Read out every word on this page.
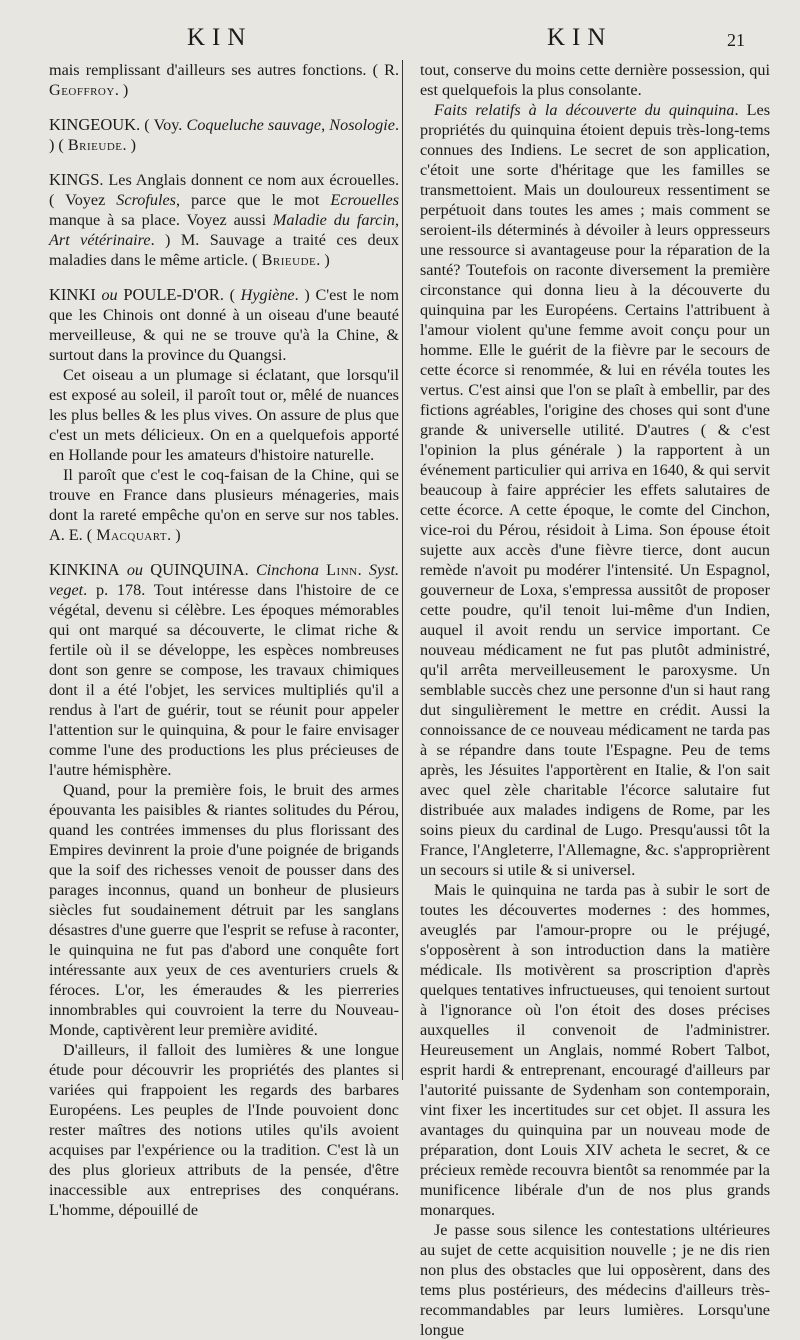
KIN	KIN	21

mais remplissant d'ailleurs ses autres fonctions. ( R. Geoffroy. )

KINGEOUK. ( Voy. Coqueluche sauvage, Nosologie. ) ( Brieude. )

KINGS. Les Anglais donnent ce nom aux écrouelles. ( Voyez Scrofules, parce que le mot Ecrouelles manque à sa place. Voyez aussi Maladie du farcin, Art vétérinaire. ) M. Sauvage a traité ces deux maladies dans le même article. ( Brieude. )

KINKI ou POULE-D'OR. ( Hygiène. ) C'est le nom que les Chinois ont donné à un oiseau d'une beauté merveilleuse, & qui ne se trouve qu'à la Chine, & surtout dans la province du Quangsi.

Cet oiseau a un plumage si éclatant, que lorsqu'il est exposé au soleil, il paroît tout or, mêlé de nuances les plus belles & les plus vives. On assure de plus que c'est un mets délicieux. On en a quelquefois apporté en Hollande pour les amateurs d'histoire naturelle.

Il paroît que c'est le coq-faisan de la Chine, qui se trouve en France dans plusieurs ménageries, mais dont la rareté empêche qu'on en serve sur nos tables. A. E. ( Macquart. )

KINKINA ou QUINQUINA. Cinchona Linn. Syst. veget. p. 178. Tout intéresse dans l'histoire de ce végétal, devenu si célèbre. Les époques mémorables qui ont marqué sa découverte, le climat riche & fertile où il se développe, les espèces nombreuses dont son genre se compose, les travaux chimiques dont il a été l'objet, les services multipliés qu'il a rendus à l'art de guérir, tout se réunit pour appeler l'attention sur le quinquina, & pour le faire envisager comme l'une des productions les plus précieuses de l'autre hémisphère.

Quand, pour la première fois, le bruit des armes épouvanta les paisibles & riantes solitudes du Pérou, quand les contrées immenses du plus florissant des Empires devinrent la proie d'une poignée de brigands que la soif des richesses venoit de pousser dans des parages inconnus, quand un bonheur de plusieurs siècles fut soudainement détruit par les sanglans désastres d'une guerre que l'esprit se refuse à raconter, le quinquina ne fut pas d'abord une conquête fort intéressante aux yeux de ces aventuriers cruels & féroces. L'or, les émeraudes & les pierreries innombrables qui couvroient la terre du Nouveau-Monde, captivèrent leur première avidité.

D'ailleurs, il falloit des lumières & une longue étude pour découvrir les propriétés des plantes si variées qui frappoient les regards des barbares Européens. Les peuples de l'Inde pouvoient donc rester maîtres des notions utiles qu'ils avoient acquises par l'expérience ou la tradition. C'est là un des plus glorieux attributs de la pensée, d'être inaccessible aux entreprises des conquérans. L'homme, dépouillé de

tout, conserve du moins cette dernière possession, qui est quelquefois la plus consolante.

Faits relatifs à la découverte du quinquina. Les propriétés du quinquina étoient depuis très-long-tems connues des Indiens. Le secret de son application, c'étoit une sorte d'héritage que les familles se transmettoient. Mais un douloureux ressentiment se perpétuoit dans toutes les ames ; mais comment se seroient-ils déterminés à dévoiler à leurs oppresseurs une ressource si avantageuse pour la réparation de la santé? Toutefois on raconte diversement la première circonstance qui donna lieu à la découverte du quinquina par les Européens. Certains l'attribuent à l'amour violent qu'une femme avoit conçu pour un homme. Elle le guérit de la fièvre par le secours de cette écorce si renommée, & lui en révéla toutes les vertus. C'est ainsi que l'on se plaît à embellir, par des fictions agréables, l'origine des choses qui sont d'une grande & universelle utilité. D'autres ( & c'est l'opinion la plus générale ) la rapportent à un événement particulier qui arriva en 1640, & qui servit beaucoup à faire apprécier les effets salutaires de cette écorce. A cette époque, le comte del Cinchon, vice-roi du Pérou, résidoit à Lima. Son épouse étoit sujette aux accès d'une fièvre tierce, dont aucun remède n'avoit pu modérer l'intensité. Un Espagnol, gouverneur de Loxa, s'empressa aussitôt de proposer cette poudre, qu'il tenoit lui-même d'un Indien, auquel il avoit rendu un service important. Ce nouveau médicament ne fut pas plutôt administré, qu'il arrêta merveilleusement le paroxysme. Un semblable succès chez une personne d'un si haut rang dut singulièrement le mettre en crédit. Aussi la connoissance de ce nouveau médicament ne tarda pas à se répandre dans toute l'Espagne. Peu de tems après, les Jésuites l'apportèrent en Italie, & l'on sait avec quel zèle charitable l'écorce salutaire fut distribuée aux malades indigens de Rome, par les soins pieux du cardinal de Lugo. Presqu'aussi tôt la France, l'Angleterre, l'Allemagne, &c. s'approprièrent un secours si utile & si universel.

Mais le quinquina ne tarda pas à subir le sort de toutes les découvertes modernes : des hommes, aveuglés par l'amour-propre ou le préjugé, s'opposèrent à son introduction dans la matière médicale. Ils motivèrent sa proscription d'après quelques tentatives infructueuses, qui tenoient surtout à l'ignorance où l'on étoit des doses précises auxquelles il convenoit de l'administrer. Heureusement un Anglais, nommé Robert Talbot, esprit hardi & entreprenant, encouragé d'ailleurs par l'autorité puissante de Sydenham son contemporain, vint fixer les incertitudes sur cet objet. Il assura les avantages du quinquina par un nouveau mode de préparation, dont Louis XIV acheta le secret, & ce précieux remède recouvra bientôt sa renommée par la munificence libérale d'un de nos plus grands monarques.

Je passe sous silence les contestations ultérieures au sujet de cette acquisition nouvelle ; je ne dis rien non plus des obstacles que lui opposèrent, dans des tems plus postérieurs, des médecins d'ailleurs très-recommandables par leurs lumières. Lorsqu'une longue
